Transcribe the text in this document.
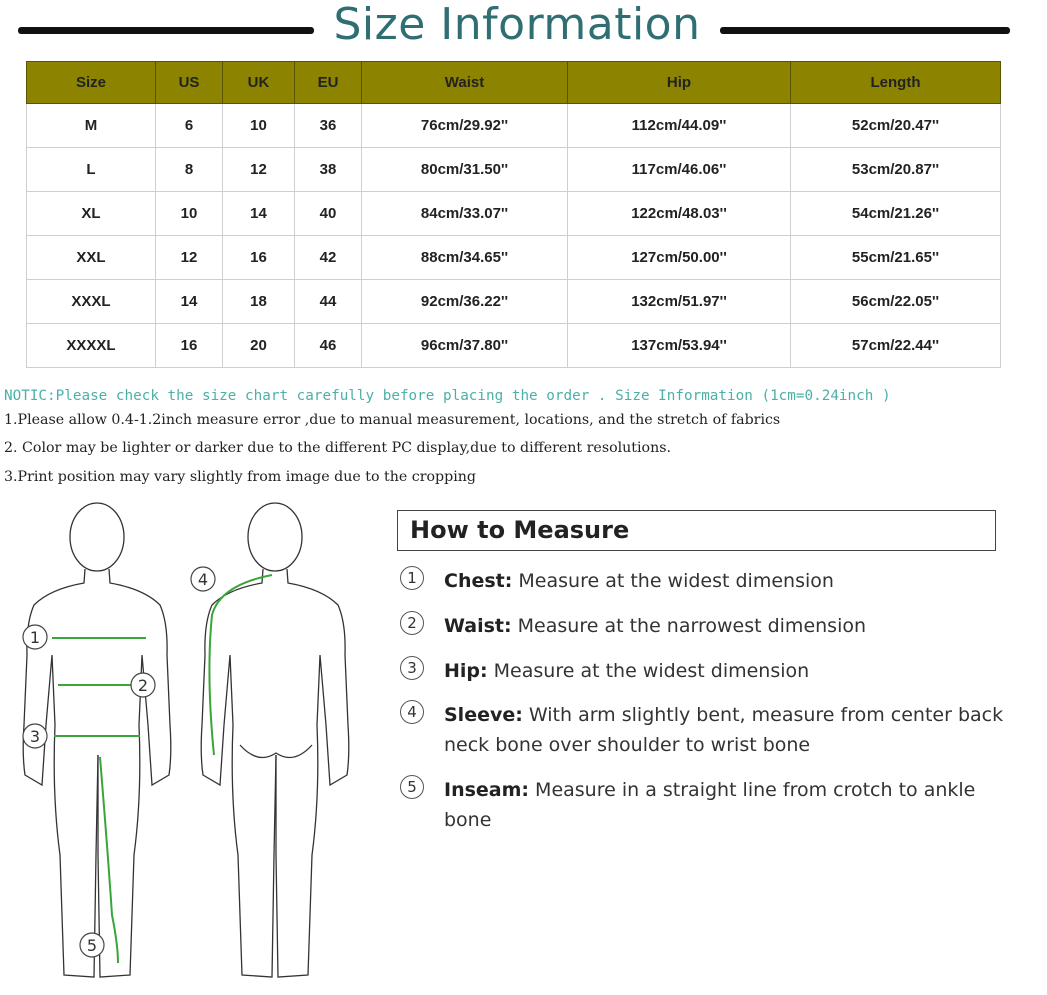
Size Information
Size	US	UK	EU	Waist	Hip	Length
M	6	10	36	76cm/29.92''	112cm/44.09''	52cm/20.47''
L	8	12	38	80cm/31.50''	117cm/46.06''	53cm/20.87''
XL	10	14	40	84cm/33.07''	122cm/48.03''	54cm/21.26''
XXL	12	16	42	88cm/34.65''	127cm/50.00''	55cm/21.65''
XXXL	14	18	44	92cm/36.22''	132cm/51.97''	56cm/22.05''
XXXXL	16	20	46	96cm/37.80''	137cm/53.94''	57cm/22.44''
NOTIC:Please check the size chart carefully before placing the order . Size Information (1cm=0.24inch )
1.Please allow 0.4-1.2inch measure error ,due to manual measurement, locations, and the stretch of fabrics
2. Color may be lighter or darker due to the different PC display,due to different resolutions.
3.Print position may vary slightly from image due to the cropping
1
2
3
4
5
How to Measure
1	Chest: Measure at the widest dimension
2	Waist: Measure at the narrowest dimension
3	Hip: Measure at the widest dimension
4	Sleeve: With arm slightly bent, measure from center back neck bone over shoulder to wrist bone
5	Inseam: Measure in a straight line from crotch to ankle bone
